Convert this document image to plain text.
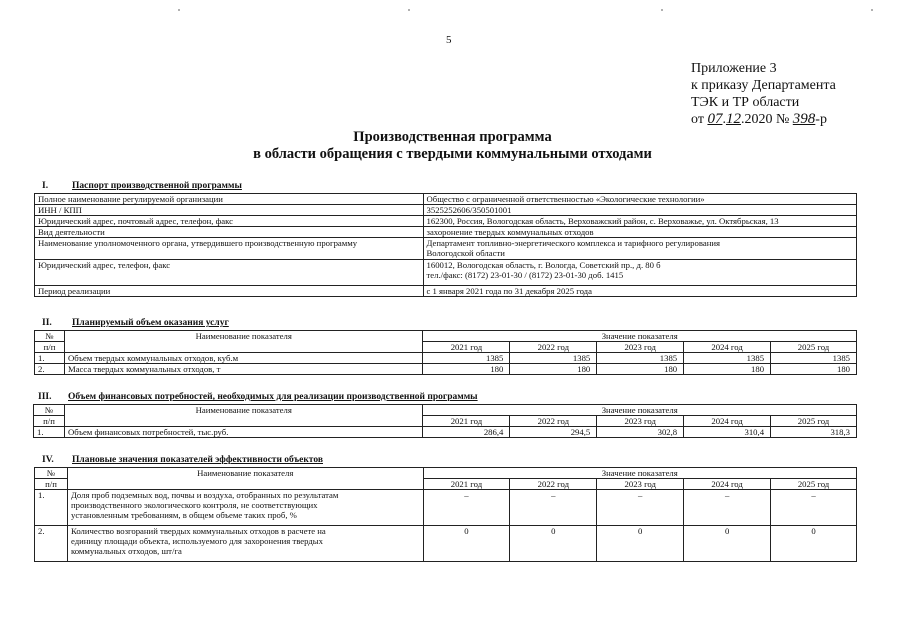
5
Приложение 3
к приказу Департамента
ТЭК и ТР области
от 07.12.2020 № 398-р
Производственная программа
в области обращения с твердыми коммунальными отходами
I.	Паспорт производственной программы
Полное наименование регулируемой организации	Общество с ограниченной ответственностью «Экологические технологии»
ИНН / КПП	3525252606/350501001
Юридический адрес, почтовый адрес, телефон, факс	162300, Россия, Вологодская область, Верховажский район, с. Верховажье, ул. Октябрьская, 13
Вид деятельности	захоронение твердых коммунальных отходов
Наименование уполномоченного органа, утвердившего производственную программу	Департамент топливно-энергетического комплекса и тарифного регулирования
Вологодской области

Юридический адрес, телефон, факс	160012, Вологодская область, г. Вологда, Советский пр., д. 80 б
тел./факс: (8172) 23-01-30 / (8172) 23-01-30 доб. 1415

Период реализации	с 1 января 2021 года по 31 декабря 2025 года
II. Планируемый объем оказания услуг
№	Наименование показателя	Значение показателя				
п/п		2021 год	2022 год	2023 год	2024 год	2025 год
1.	Объем твердых коммунальных отходов, куб.м	1385	1385	1385	1385	1385
2.	Масса твердых коммунальных отходов, т	180	180	180	180	180
III. Объем финансовых потребностей, необходимых для реализации производственной программы
№	Наименование показателя	Значение показателя				
п/п		2021 год	2022 год	2023 год	2024 год	2025 год
1.	Объем финансовых потребностей, тыс.руб.	286,4	294,5	302,8	310,4	318,3
IV. Плановые значения показателей эффективности объектов
№	Наименование показателя	Значение показателя				
п/п		2021 год	2022 год	2023 год	2024 год	2025 год
1.	Доля проб подземных вод, почвы и воздуха, отобранных по результатам
производственного экологического контроля, не соответствующих
установленным требованиям, в общем объеме таких проб, %	–	–	–	–	–
2.	Количество возгораний твердых коммунальных отходов в расчете на
единицу площади объекта, используемого для захоронения твердых
коммунальных отходов, шт/га	0	0	0	0	0
